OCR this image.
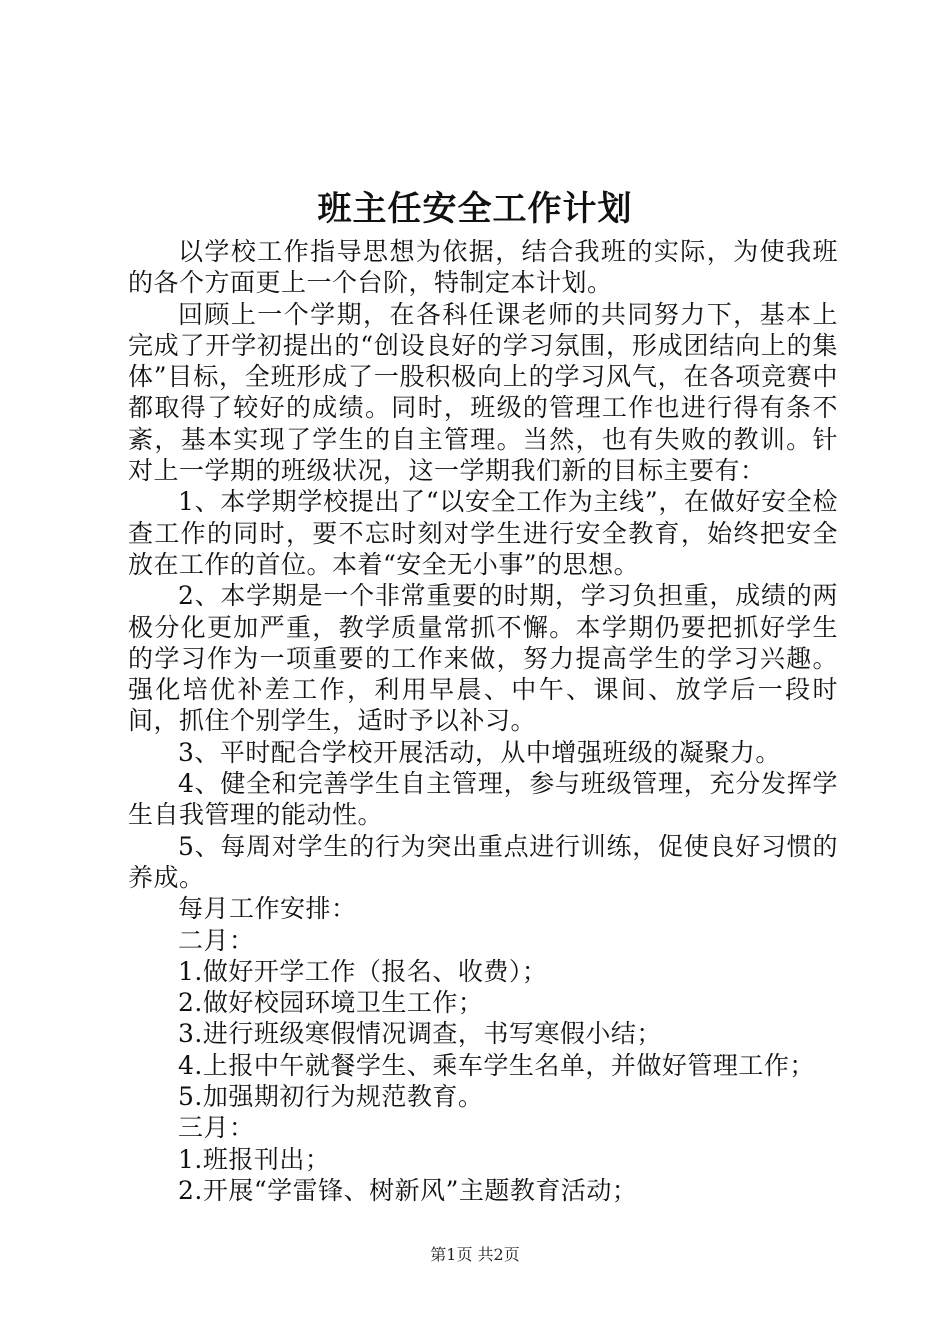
班主任安全工作计划

以学校工作指导思想为依据，结合我班的实际，为使我班的各个方面更上一个台阶，特制定本计划。

回顾上一个学期，在各科任课老师的共同努力下，基本上完成了开学初提出的“创设良好的学习氛围，形成团结向上的集体”目标，全班形成了一股积极向上的学习风气，在各项竞赛中都取得了较好的成绩。同时，班级的管理工作也进行得有条不紊，基本实现了学生的自主管理。当然，也有失败的教训。针对上一学期的班级状况，这一学期我们新的目标主要有：

1、本学期学校提出了“以安全工作为主线”，在做好安全检查工作的同时，要不忘时刻对学生进行安全教育，始终把安全放在工作的首位。本着“安全无小事”的思想。

2、本学期是一个非常重要的时期，学习负担重，成绩的两极分化更加严重，教学质量常抓不懈。本学期仍要把抓好学生的学习作为一项重要的工作来做，努力提高学生的学习兴趣。强化培优补差工作，利用早晨、中午、课间、放学后一段时间，抓住个别学生，适时予以补习。

3、平时配合学校开展活动，从中增强班级的凝聚力。

4、健全和完善学生自主管理，参与班级管理，充分发挥学生自我管理的能动性。

5、每周对学生的行为突出重点进行训练，促使良好习惯的养成。

每月工作安排：

二月：

1.做好开学工作（报名、收费）；

2.做好校园环境卫生工作；

3.进行班级寒假情况调查，书写寒假小结；

4.上报中午就餐学生、乘车学生名单，并做好管理工作；

5.加强期初行为规范教育。

三月：

1.班报刊出；

2.开展“学雷锋、树新风”主题教育活动；

第1页 共2页
